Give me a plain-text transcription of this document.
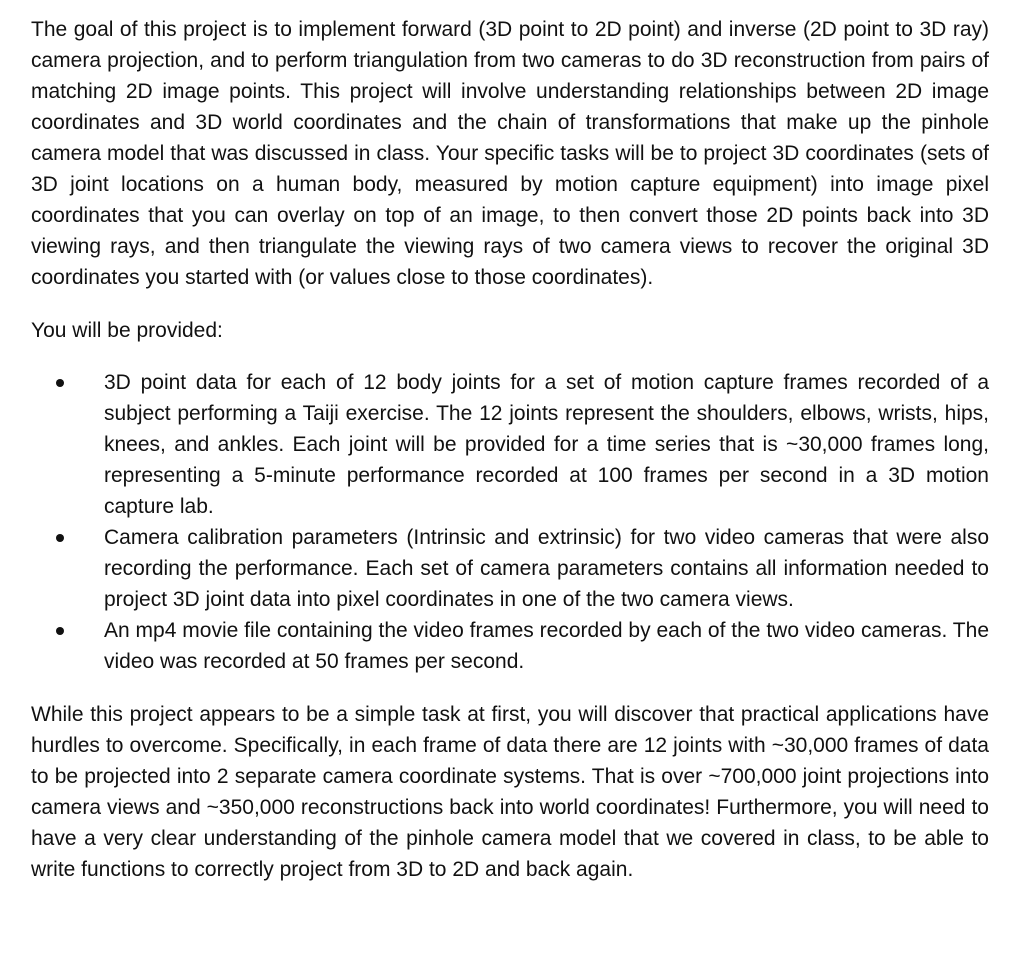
The goal of this project is to implement forward (3D point to 2D point) and inverse (2D point to 3D ray) camera projection, and to perform triangulation from two cameras to do 3D reconstruction from pairs of matching 2D image points. This project will involve understanding relationships between 2D image coordinates and 3D world coordinates and the chain of transformations that make up the pinhole camera model that was discussed in class. Your specific tasks will be to project 3D coordinates (sets of 3D joint locations on a human body, measured by motion capture equipment) into image pixel coordinates that you can overlay on top of an image, to then convert those 2D points back into 3D viewing rays, and then triangulate the viewing rays of two camera views to recover the original 3D coordinates you started with (or values close to those coordinates).

You will be provided:

3D point data for each of 12 body joints for a set of motion capture frames recorded of a subject performing a Taiji exercise. The 12 joints represent the shoulders, elbows, wrists, hips, knees, and ankles. Each joint will be provided for a time series that is ~30,000 frames long, representing a 5-minute performance recorded at 100 frames per second in a 3D motion capture lab.
Camera calibration parameters (Intrinsic and extrinsic) for two video cameras that were also recording the performance. Each set of camera parameters contains all information needed to project 3D joint data into pixel coordinates in one of the two camera views.
An mp4 movie file containing the video frames recorded by each of the two video cameras. The video was recorded at 50 frames per second.

While this project appears to be a simple task at first, you will discover that practical applications have hurdles to overcome. Specifically, in each frame of data there are 12 joints with ~30,000 frames of data to be projected into 2 separate camera coordinate systems. That is over ~700,000 joint projections into camera views and ~350,000 reconstructions back into world coordinates! Furthermore, you will need to have a very clear understanding of the pinhole camera model that we covered in class, to be able to write functions to correctly project from 3D to 2D and back again.
